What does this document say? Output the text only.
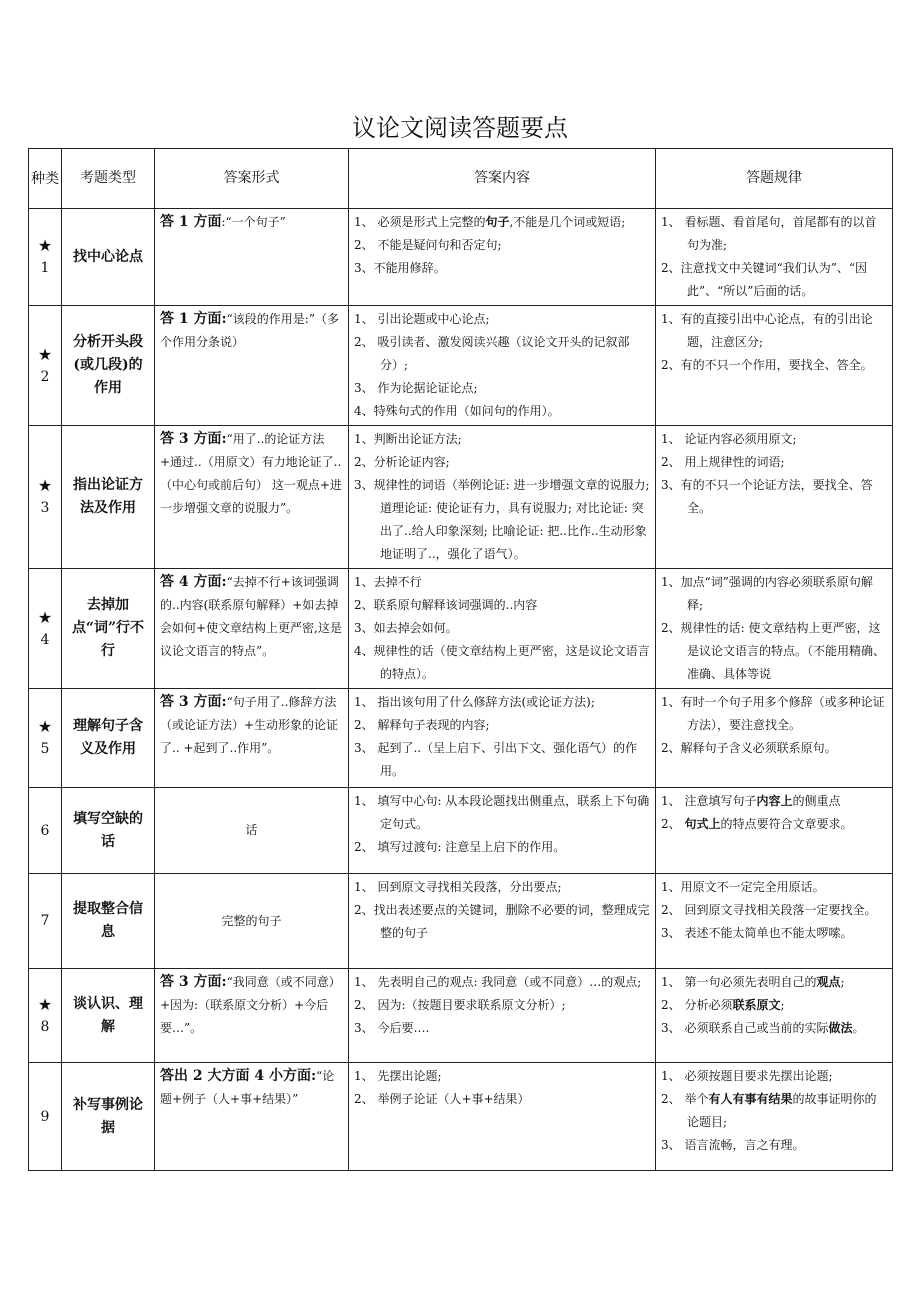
议论文阅读答题要点
种类	考题类型	答案形式	答案内容	答题规律

★
1	找中心论点	答 1 方面:“一个句子”	1、 必须是形式上完整的句子,不能是几个词或短语;
2、 不能是疑问句和否定句;
3、不能用修辞。	1、 看标题、看首尾句，首尾都有的以首句为准;
2、注意找文中关键词“我们认为”、“因此”、“所以”后面的话。

★
2	分析开头段(或几段)的作用	答 1 方面:“该段的作用是:”（多个作用分条说）	1、 引出论题或中心论点;
2、 吸引读者、激发阅读兴趣（议论文开头的记叙部分）;
3、 作为论据论证论点;
4、特殊句式的作用（如问句的作用）。	1、有的直接引出中心论点，有的引出论题，注意区分;
2、有的不只一个作用，要找全、答全。

★
3	指出论证方法及作用	答 3 方面:“用了..的论证方法+通过..（用原文）有力地论证了..（中心句或前后句） 这一观点+进一步增强文章的说服力”。	1、判断出论证方法;
2、分析论证内容;
3、规律性的词语（举例论证: 进一步增强文章的说服力; 道理论证: 使论证有力，具有说服力; 对比论证: 突出了..给人印象深刻; 比喻论证: 把..比作..生动形象地证明了..，强化了语气）。	1、 论证内容必须用原文;
2、 用上规律性的词语;
3、有的不只一个论证方法，要找全、答全。

★
4	去掉加点“词”行不行	答 4 方面:“去掉不行+该词强调的..内容(联系原句解释）+如去掉会如何+使文章结构上更严密,这是议论文语言的特点”。	1、去掉不行
2、联系原句解释该词强调的..内容
3、如去掉会如何。
4、规律性的话（使文章结构上更严密，这是议论文语言的特点）。	1、加点“词”强调的内容必须联系原句解释;
2、规律性的话: 使文章结构上更严密，这是议论文语言的特点。（不能用精确、准确、具体等说

★
5	理解句子含义及作用	答 3 方面:“句子用了..修辞方法（或论证方法）+生动形象的论证了.. +起到了..作用”。	1、 指出该句用了什么修辞方法(或论证方法);
2、 解释句子表现的内容;
3、 起到了..（呈上启下、引出下文、强化语气）的作用。	1、有时一个句子用多个修辞（或多种论证方法），要注意找全。
2、解释句子含义必须联系原句。

6	填写空缺的话	话	1、 填写中心句: 从本段论题找出侧重点，联系上下句确定句式。
2、 填写过渡句: 注意呈上启下的作用。	1、 注意填写句子内容上的侧重点
2、 句式上的特点要符合文章要求。

7	提取整合信息	完整的句子	1、 回到原文寻找相关段落，分出要点;
2、找出表述要点的关键词，删除不必要的词，整理成完整的句子	1、用原文不一定完全用原话。
2、 回到原文寻找相关段落一定要找全。
3、 表述不能太简单也不能太啰嗦。

★
8	谈认识、理解	答 3 方面:“我同意（或不同意）+因为:（联系原文分析）+今后要…”。	1、 先表明自己的观点: 我同意（或不同意）…的观点;
2、 因为:（按题目要求联系原文分析）;
3、 今后要….	1、 第一句必须先表明自己的观点;
2、 分析必须联系原文;
3、 必须联系自己或当前的实际做法。

9	补写事例论据	答出 2 大方面 4 小方面:“论题+例子（人+事+结果）”	1、 先摆出论题;
2、 举例子论证（人+事+结果）	1、 必须按题目要求先摆出论题;
2、 举个有人有事有结果的故事证明你的论题目;
3、 语言流畅，言之有理。
